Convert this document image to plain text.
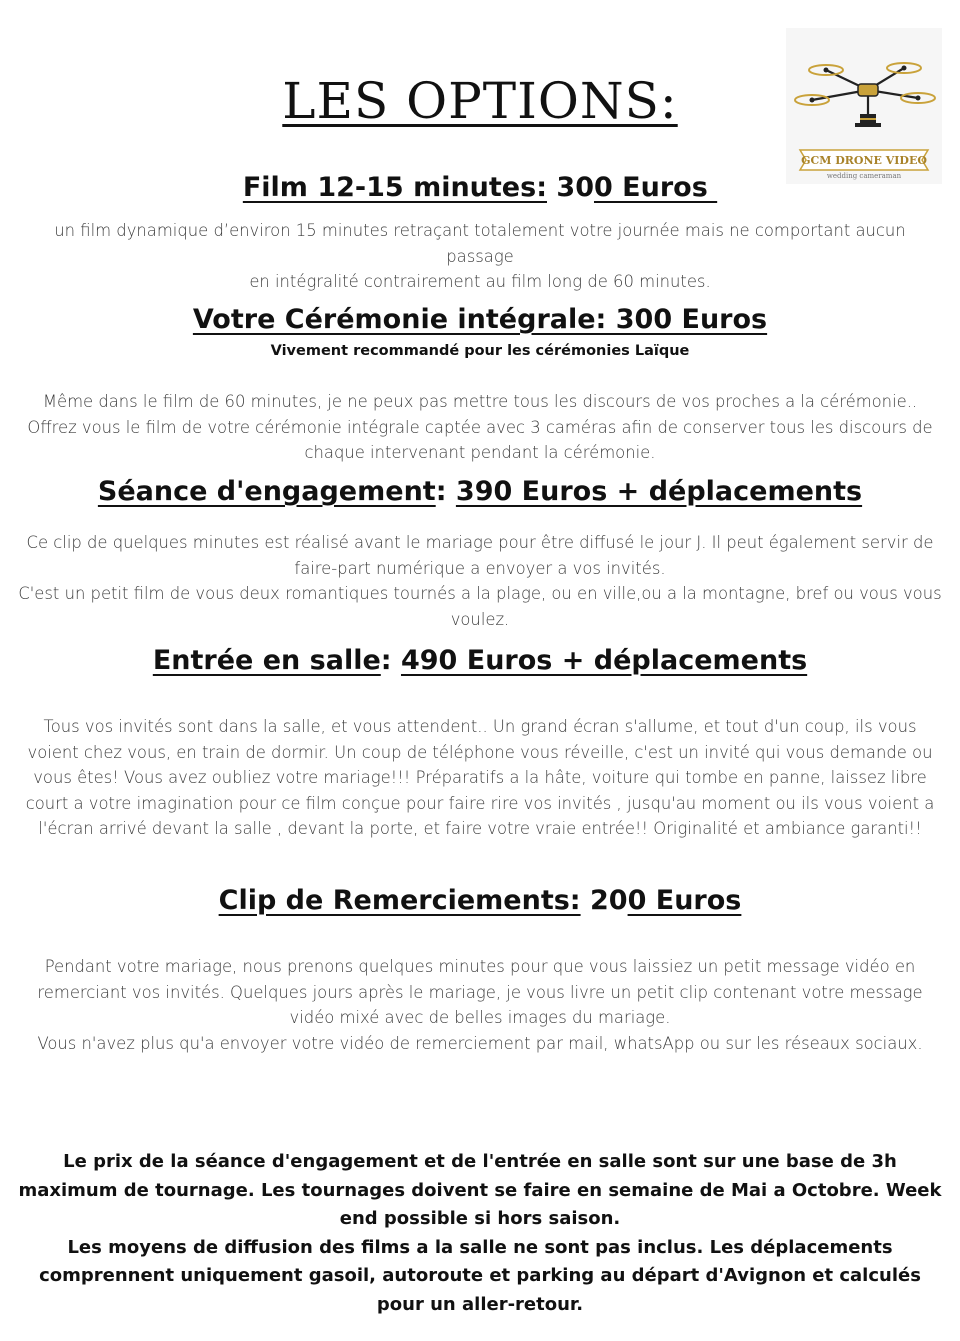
LES OPTIONS:
GCM DRONE VIDEO
wedding cameraman
Film 12-15 minutes: 300 Euros

un film dynamique d’environ 15 minutes retraçant totalement votre journée mais ne comportant aucun

passage

en intégralité contrairement au film long de 60 minutes.

Votre Cérémonie intégrale: 300 Euros
Vivement recommandé pour les cérémonies Laïque

Même dans le film de 60 minutes, je ne peux pas mettre tous les discours de vos proches a la cérémonie..

Offrez vous le film de votre cérémonie intégrale captée avec 3 caméras afin de conserver tous les discours de

chaque intervenant pendant la cérémonie.

Séance d'engagement: 390 Euros + déplacements

Ce clip de quelques minutes est réalisé avant le mariage pour être diffusé le jour J. Il peut également servir de

faire-part numérique a envoyer a vos invités.

C'est un petit film de vous deux romantiques tournés a la plage, ou en ville,ou a la montagne, bref ou vous vous

voulez.

Entrée en salle: 490 Euros + déplacements

Tous vos invités sont dans la salle, et vous attendent.. Un grand écran s'allume, et tout d'un coup, ils vous

voient chez vous, en train de dormir. Un coup de téléphone vous réveille, c'est un invité qui vous demande ou

vous êtes! Vous avez oubliez votre mariage!!! Préparatifs a la hâte, voiture qui tombe en panne, laissez libre

court a votre imagination pour ce film conçue pour faire rire vos invités , jusqu'au moment ou ils vous voient a

l'écran arrivé devant la salle , devant la porte, et faire votre vraie entrée!! Originalité et ambiance garanti!!

Clip de Remerciements: 200 Euros

Pendant votre mariage, nous prenons quelques minutes pour que vous laissiez un petit message vidéo en

remerciant vos invités. Quelques jours après le mariage, je vous livre un petit clip contenant votre message

vidéo mixé avec de belles images du mariage.

Vous n'avez plus qu'a envoyer votre vidéo de remerciement par mail, whatsApp ou sur les réseaux sociaux.

Le prix de la séance d'engagement et de l'entrée en salle sont sur une base de 3h

maximum de tournage. Les tournages doivent se faire en semaine de Mai a Octobre. Week

end possible si hors saison.

Les moyens de diffusion des films a la salle ne sont pas inclus. Les déplacements

comprennent uniquement gasoil, autoroute et parking au départ d'Avignon et calculés

pour un aller-retour.
